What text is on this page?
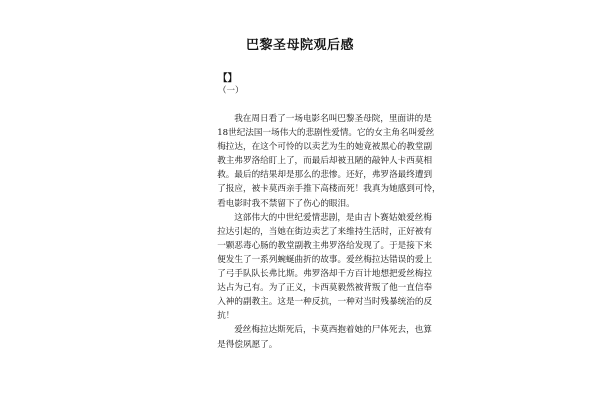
巴黎圣母院观后感
【】
（一）

我在周日看了一场电影名叫巴黎圣母院，里面讲的是
18世纪法国一场伟大的悲剧性爱情。它的女主角名叫爱丝
梅拉达，在这个可怜的以卖艺为生的她竟被黑心的教堂副
教主弗罗洛给盯上了，而最后却被丑陋的敲钟人卡西莫相
救。最后的结果却是那么的悲惨。还好，弗罗洛最终遭到
了报应，被卡莫西亲手推下高楼而死！我真为她感到可怜，
看电影时我不禁留下了伤心的眼泪。

这部伟大的中世纪爱情悲剧，是由吉卜赛姑娘爱丝梅
拉达引起的，当她在街边卖艺了来维持生活时，正好被有
一颗恶毒心肠的教堂副教主弗罗洛给发现了。于是接下来
便发生了一系列蜿蜒曲折的故事。爱丝梅拉达错误的爱上
了弓手队队长弗比斯。弗罗洛却千方百计地想把爱丝梅拉
达占为己有。为了正义，卡西莫毅然被背叛了他一直信奉
入神的副教主。这是一种反抗，一种对当时残暴统治的反
抗！

爱丝梅拉达斯死后，卡莫西抱着她的尸体死去，也算
是得偿夙愿了。
